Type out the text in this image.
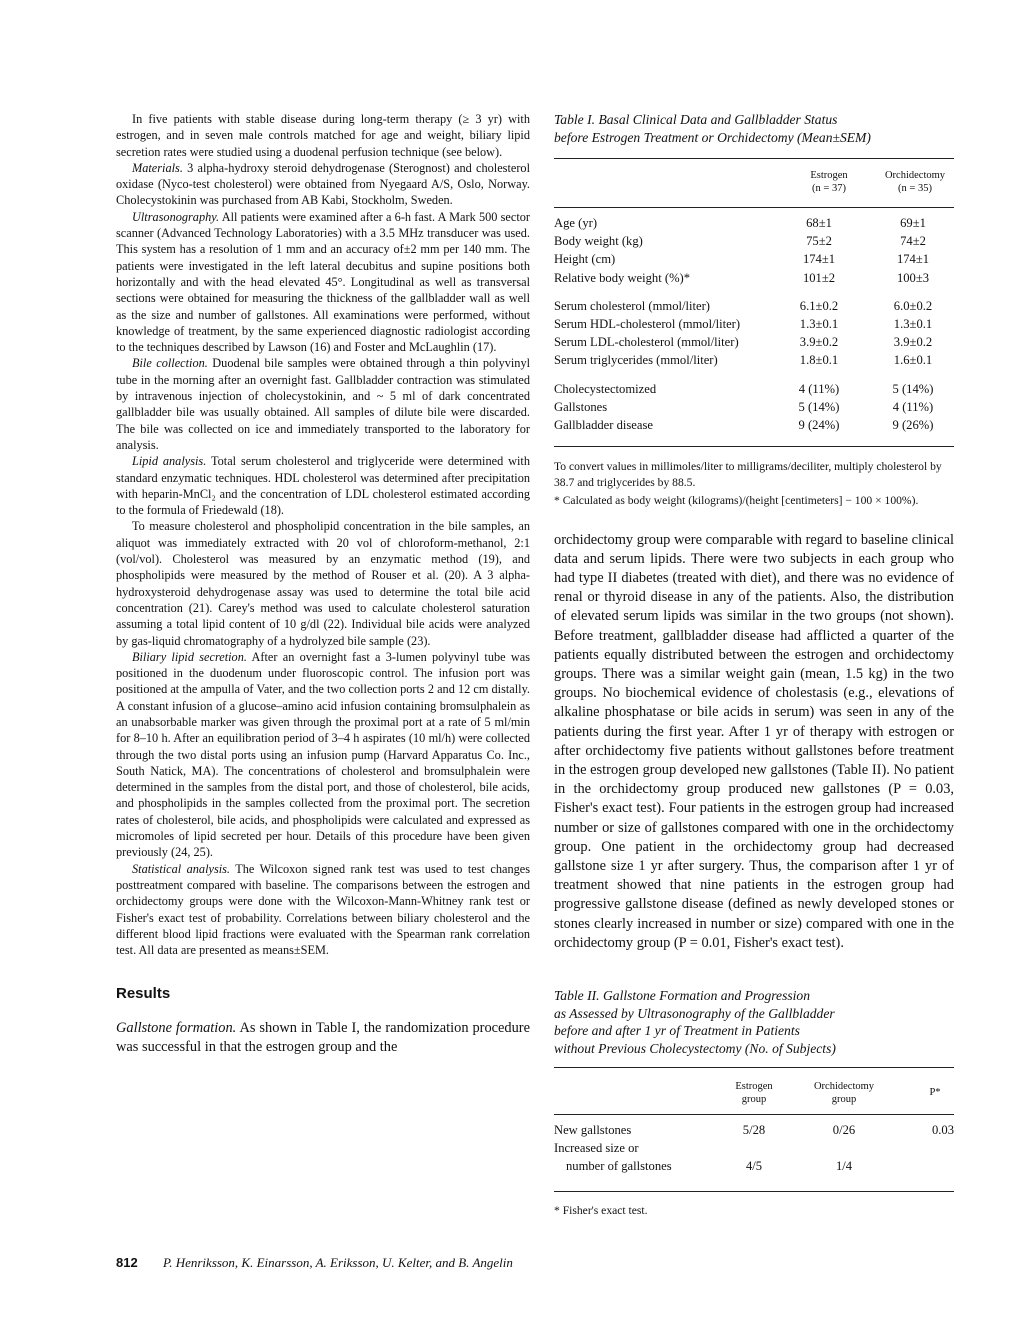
In five patients with stable disease during long-term therapy (≥ 3 yr) with estrogen, and in seven male controls matched for age and weight, biliary lipid secretion rates were studied using a duodenal perfusion technique (see below).

Materials. 3 alpha-hydroxy steroid dehydrogenase (Sterognost) and cholesterol oxidase (Nyco-test cholesterol) were obtained from Nyegaard A/S, Oslo, Norway. Cholecystokinin was purchased from AB Kabi, Stockholm, Sweden.

Ultrasonography. All patients were examined after a 6-h fast. A Mark 500 sector scanner (Advanced Technology Laboratories) with a 3.5 MHz transducer was used. This system has a resolution of 1 mm and an accuracy of±2 mm per 140 mm. The patients were investigated in the left lateral decubitus and supine positions both horizontally and with the head elevated 45°. Longitudinal as well as transversal sections were obtained for measuring the thickness of the gallbladder wall as well as the size and number of gallstones. All examinations were performed, without knowledge of treatment, by the same experienced diagnostic radiologist according to the techniques described by Lawson (16) and Foster and McLaughlin (17).

Bile collection. Duodenal bile samples were obtained through a thin polyvinyl tube in the morning after an overnight fast. Gallbladder contraction was stimulated by intravenous injection of cholecystokinin, and ~ 5 ml of dark concentrated gallbladder bile was usually obtained. All samples of dilute bile were discarded. The bile was collected on ice and immediately transported to the laboratory for analysis.

Lipid analysis. Total serum cholesterol and triglyceride were determined with standard enzymatic techniques. HDL cholesterol was determined after precipitation with heparin-MnCl₂ and the concentration of LDL cholesterol estimated according to the formula of Friedewald (18).

To measure cholesterol and phospholipid concentration in the bile samples, an aliquot was immediately extracted with 20 vol of chloroform-methanol, 2:1 (vol/vol). Cholesterol was measured by an enzymatic method (19), and phospholipids were measured by the method of Rouser et al. (20). A 3 alpha-hydroxysteroid dehydrogenase assay was used to determine the total bile acid concentration (21). Carey's method was used to calculate cholesterol saturation assuming a total lipid content of 10 g/dl (22). Individual bile acids were analyzed by gas-liquid chromatography of a hydrolyzed bile sample (23).

Biliary lipid secretion. After an overnight fast a 3-lumen polyvinyl tube was positioned in the duodenum under fluoroscopic control. The infusion port was positioned at the ampulla of Vater, and the two collection ports 2 and 12 cm distally. A constant infusion of a glucose–amino acid infusion containing bromsulphalein as an unabsorbable marker was given through the proximal port at a rate of 5 ml/min for 8–10 h. After an equilibration period of 3–4 h aspirates (10 ml/h) were collected through the two distal ports using an infusion pump (Harvard Apparatus Co. Inc., South Natick, MA). The concentrations of cholesterol and bromsulphalein were determined in the samples from the distal port, and those of cholesterol, bile acids, and phospholipids in the samples collected from the proximal port. The secretion rates of cholesterol, bile acids, and phospholipids were calculated and expressed as micromoles of lipid secreted per hour. Details of this procedure have been given previously (24, 25).

Statistical analysis. The Wilcoxon signed rank test was used to test changes posttreatment compared with baseline. The comparisons between the estrogen and orchidectomy groups were done with the Wilcoxon-Mann-Whitney rank test or Fisher's exact test of probability. Correlations between biliary cholesterol and the different blood lipid fractions were evaluated with the Spearman rank correlation test. All data are presented as means±SEM.

Results

Gallstone formation. As shown in Table I, the randomization procedure was successful in that the estrogen group and the

Table I. Basal Clinical Data and Gallbladder Status
before Estrogen Treatment or Orchidectomy (Mean±SEM)
Estrogen
(n = 37)
Orchidectomy
(n = 35)
Age (yr)	68±1	69±1
Body weight (kg)	75±2	74±2
Height (cm)	174±1	174±1
Relative body weight (%)*	101±2	100±3
Serum cholesterol (mmol/liter)	6.1±0.2	6.0±0.2
Serum HDL-cholesterol (mmol/liter)	1.3±0.1	1.3±0.1
Serum LDL-cholesterol (mmol/liter)	3.9±0.2	3.9±0.2
Serum triglycerides (mmol/liter)	1.8±0.1	1.6±0.1
Cholecystectomized	4 (11%)	5 (14%)
Gallstones	5 (14%)	4 (11%)
Gallbladder disease	9 (24%)	9 (26%)

To convert values in millimoles/liter to milligrams/deciliter, multiply cholesterol by 38.7 and triglycerides by 88.5.

* Calculated as body weight (kilograms)/(height [centimeters] − 100 × 100%).

orchidectomy group were comparable with regard to baseline clinical data and serum lipids. There were two subjects in each group who had type II diabetes (treated with diet), and there was no evidence of renal or thyroid disease in any of the patients. Also, the distribution of elevated serum lipids was similar in the two groups (not shown). Before treatment, gallbladder disease had afflicted a quarter of the patients equally distributed between the estrogen and orchidectomy groups. There was a similar weight gain (mean, 1.5 kg) in the two groups. No biochemical evidence of cholestasis (e.g., elevations of alkaline phosphatase or bile acids in serum) was seen in any of the patients during the first year. After 1 yr of therapy with estrogen or after orchidectomy five patients without gallstones before treatment in the estrogen group developed new gallstones (Table II). No patient in the orchidectomy group produced new gallstones (P = 0.03, Fisher's exact test). Four patients in the estrogen group had increased number or size of gallstones compared with one in the orchidectomy group. One patient in the orchidectomy group had decreased gallstone size 1 yr after surgery. Thus, the comparison after 1 yr of treatment showed that nine patients in the estrogen group had progressive gallstone disease (defined as newly developed stones or stones clearly increased in number or size) compared with one in the orchidectomy group (P = 0.01, Fisher's exact test).

Table II. Gallstone Formation and Progression
as Assessed by Ultrasonography of the Gallbladder
before and after 1 yr of Treatment in Patients
without Previous Cholecystectomy (No. of Subjects)
Estrogen
group
Orchidectomy
group
P*
New gallstones	5/28	0/26	0.03
Increased size or
number of gallstones	4/5	1/4
* Fisher's exact test.
812 P. Henriksson, K. Einarsson, A. Eriksson, U. Kelter, and B. Angelin
